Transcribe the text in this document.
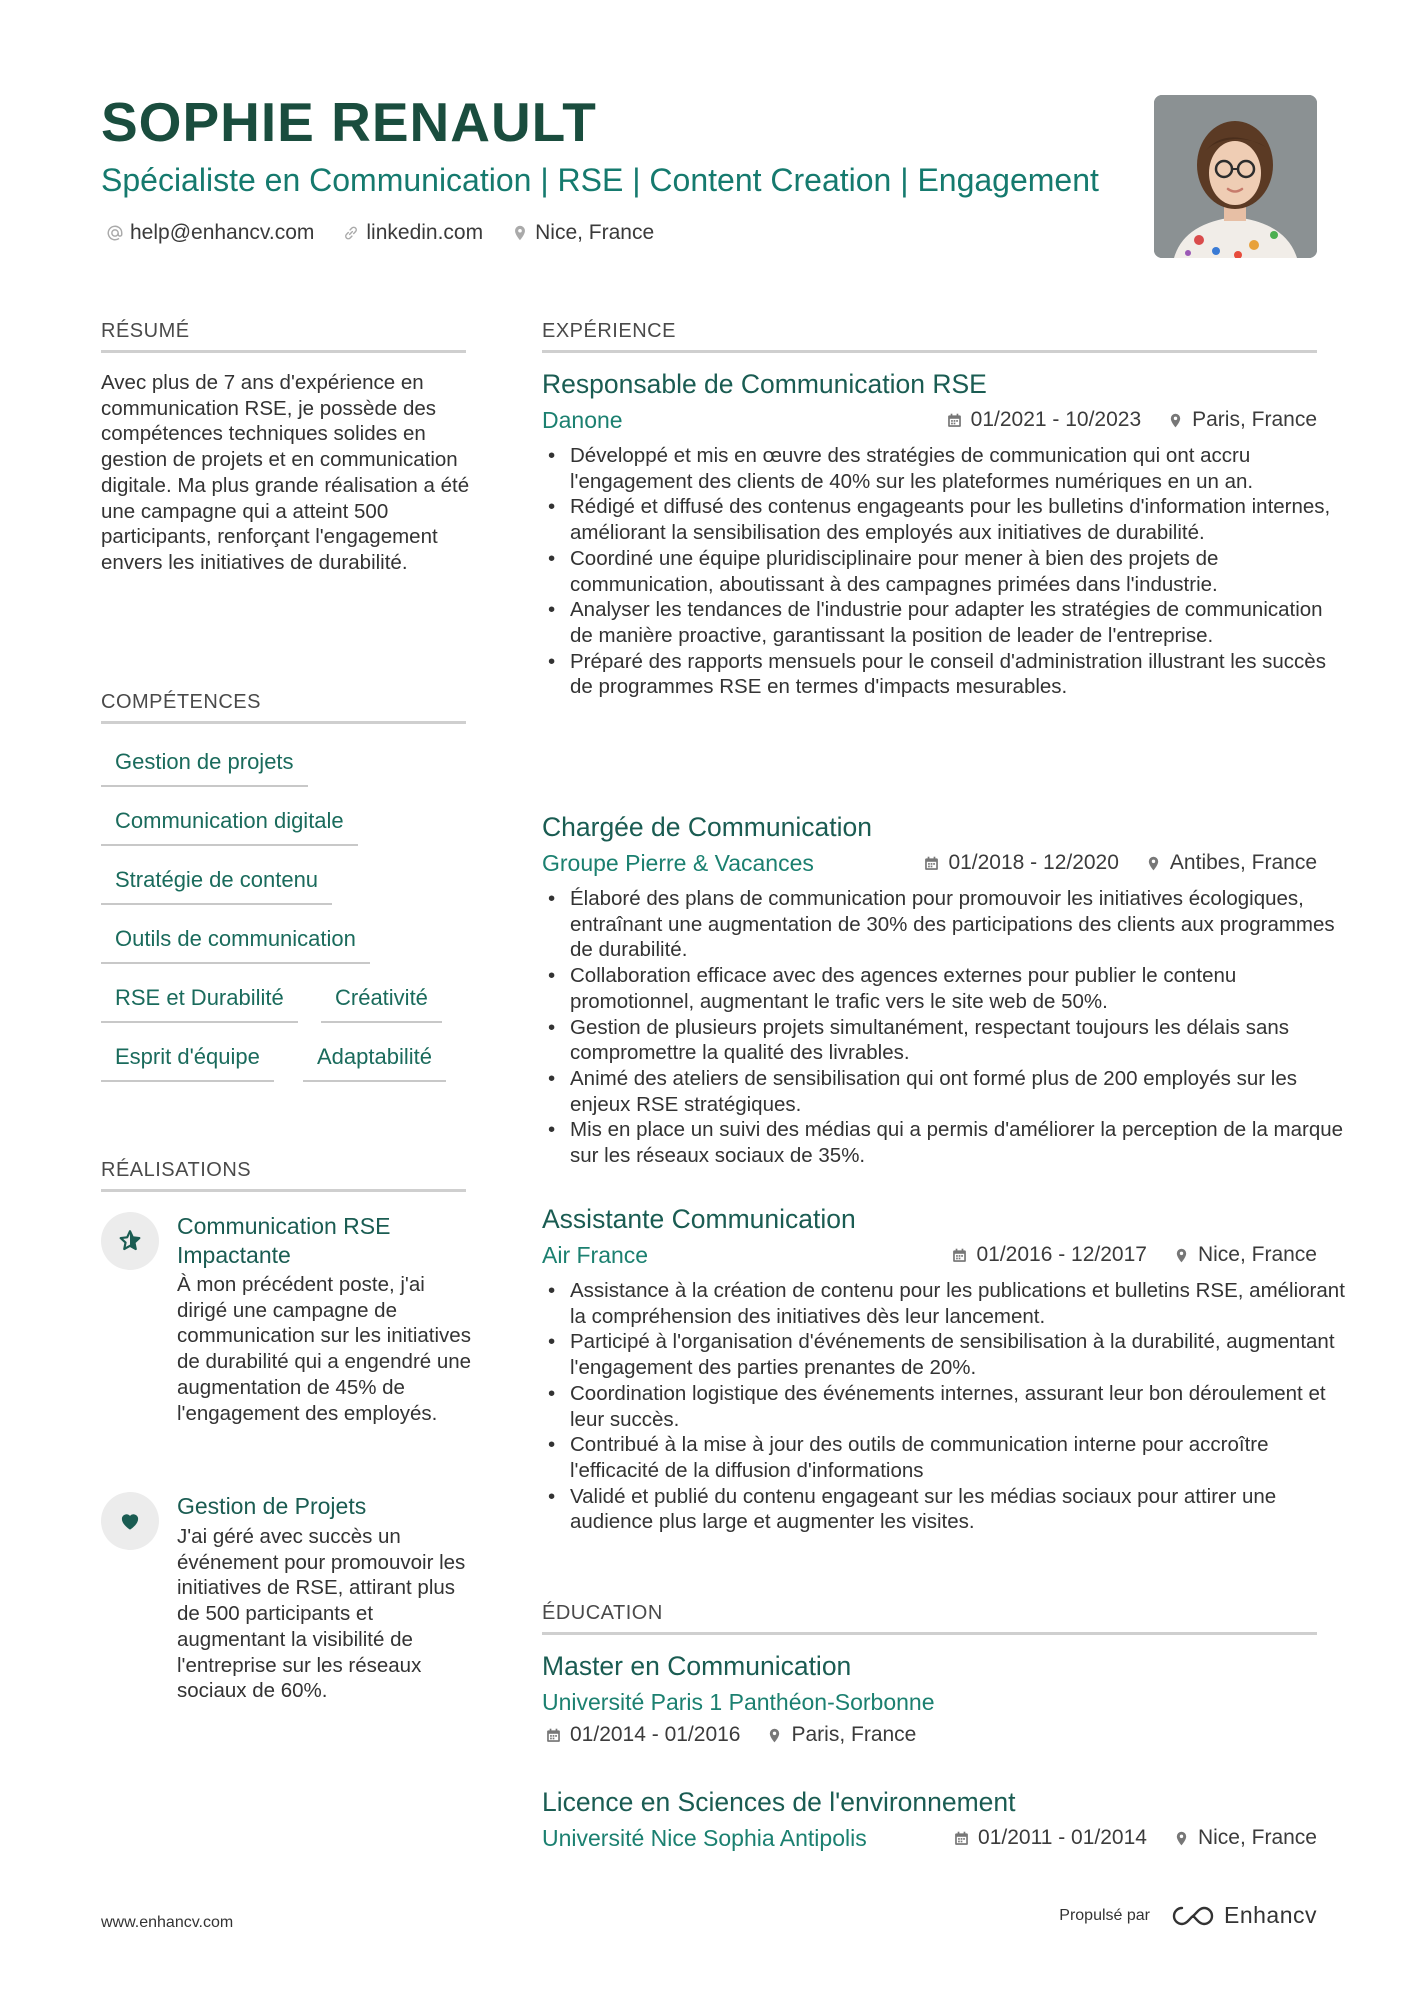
SOPHIE RENAULT
Spécialiste en Communication | RSE | Content Creation | Engagement
help@enhancv.com linkedin.com Nice, France
RÉSUMÉ
Avec plus de 7 ans d'expérience en communication RSE, je possède des compétences techniques solides en gestion de projets et en communication digitale. Ma plus grande réalisation a été une campagne qui a atteint 500 participants, renforçant l'engagement envers les initiatives de durabilité.
COMPÉTENCES
Gestion de projets
Communication digitale
Stratégie de contenu
Outils de communication
RSE et Durabilité	Créativité
Esprit d'équipe	Adaptabilité
RÉALISATIONS
Communication RSE Impactante
À mon précédent poste, j'ai dirigé une campagne de communication sur les initiatives de durabilité qui a engendré une augmentation de 45% de l'engagement des employés.
Gestion de Projets
J'ai géré avec succès un événement pour promouvoir les initiatives de RSE, attirant plus de 500 participants et augmentant la visibilité de l'entreprise sur les réseaux sociaux de 60%.
EXPÉRIENCE
Responsable de Communication RSE
Danone	01/2021 - 10/2023 Paris, France
• Développé et mis en œuvre des stratégies de communication qui ont accru l'engagement des clients de 40% sur les plateformes numériques en un an.
• Rédigé et diffusé des contenus engageants pour les bulletins d'information internes, améliorant la sensibilisation des employés aux initiatives de durabilité.
• Coordiné une équipe pluridisciplinaire pour mener à bien des projets de communication, aboutissant à des campagnes primées dans l'industrie.
• Analyser les tendances de l'industrie pour adapter les stratégies de communication de manière proactive, garantissant la position de leader de l'entreprise.
• Préparé des rapports mensuels pour le conseil d'administration illustrant les succès de programmes RSE en termes d'impacts mesurables.
Chargée de Communication
Groupe Pierre & Vacances	01/2018 - 12/2020 Antibes, France
• Élaboré des plans de communication pour promouvoir les initiatives écologiques, entraînant une augmentation de 30% des participations des clients aux programmes de durabilité.
• Collaboration efficace avec des agences externes pour publier le contenu promotionnel, augmentant le trafic vers le site web de 50%.
• Gestion de plusieurs projets simultanément, respectant toujours les délais sans compromettre la qualité des livrables.
• Animé des ateliers de sensibilisation qui ont formé plus de 200 employés sur les enjeux RSE stratégiques.
• Mis en place un suivi des médias qui a permis d'améliorer la perception de la marque sur les réseaux sociaux de 35%.
Assistante Communication
Air France	01/2016 - 12/2017 Nice, France
• Assistance à la création de contenu pour les publications et bulletins RSE, améliorant la compréhension des initiatives dès leur lancement.
• Participé à l'organisation d'événements de sensibilisation à la durabilité, augmentant l'engagement des parties prenantes de 20%.
• Coordination logistique des événements internes, assurant leur bon déroulement et leur succès.
• Contribué à la mise à jour des outils de communication interne pour accroître l'efficacité de la diffusion d'informations
• Validé et publié du contenu engageant sur les médias sociaux pour attirer une audience plus large et augmenter les visites.
ÉDUCATION
Master en Communication
Université Paris 1 Panthéon-Sorbonne
01/2014 - 01/2016 Paris, France
Licence en Sciences de l'environnement
Université Nice Sophia Antipolis	01/2011 - 01/2014 Nice, France
www.enhancv.com	Propulsé par	Enhancv
